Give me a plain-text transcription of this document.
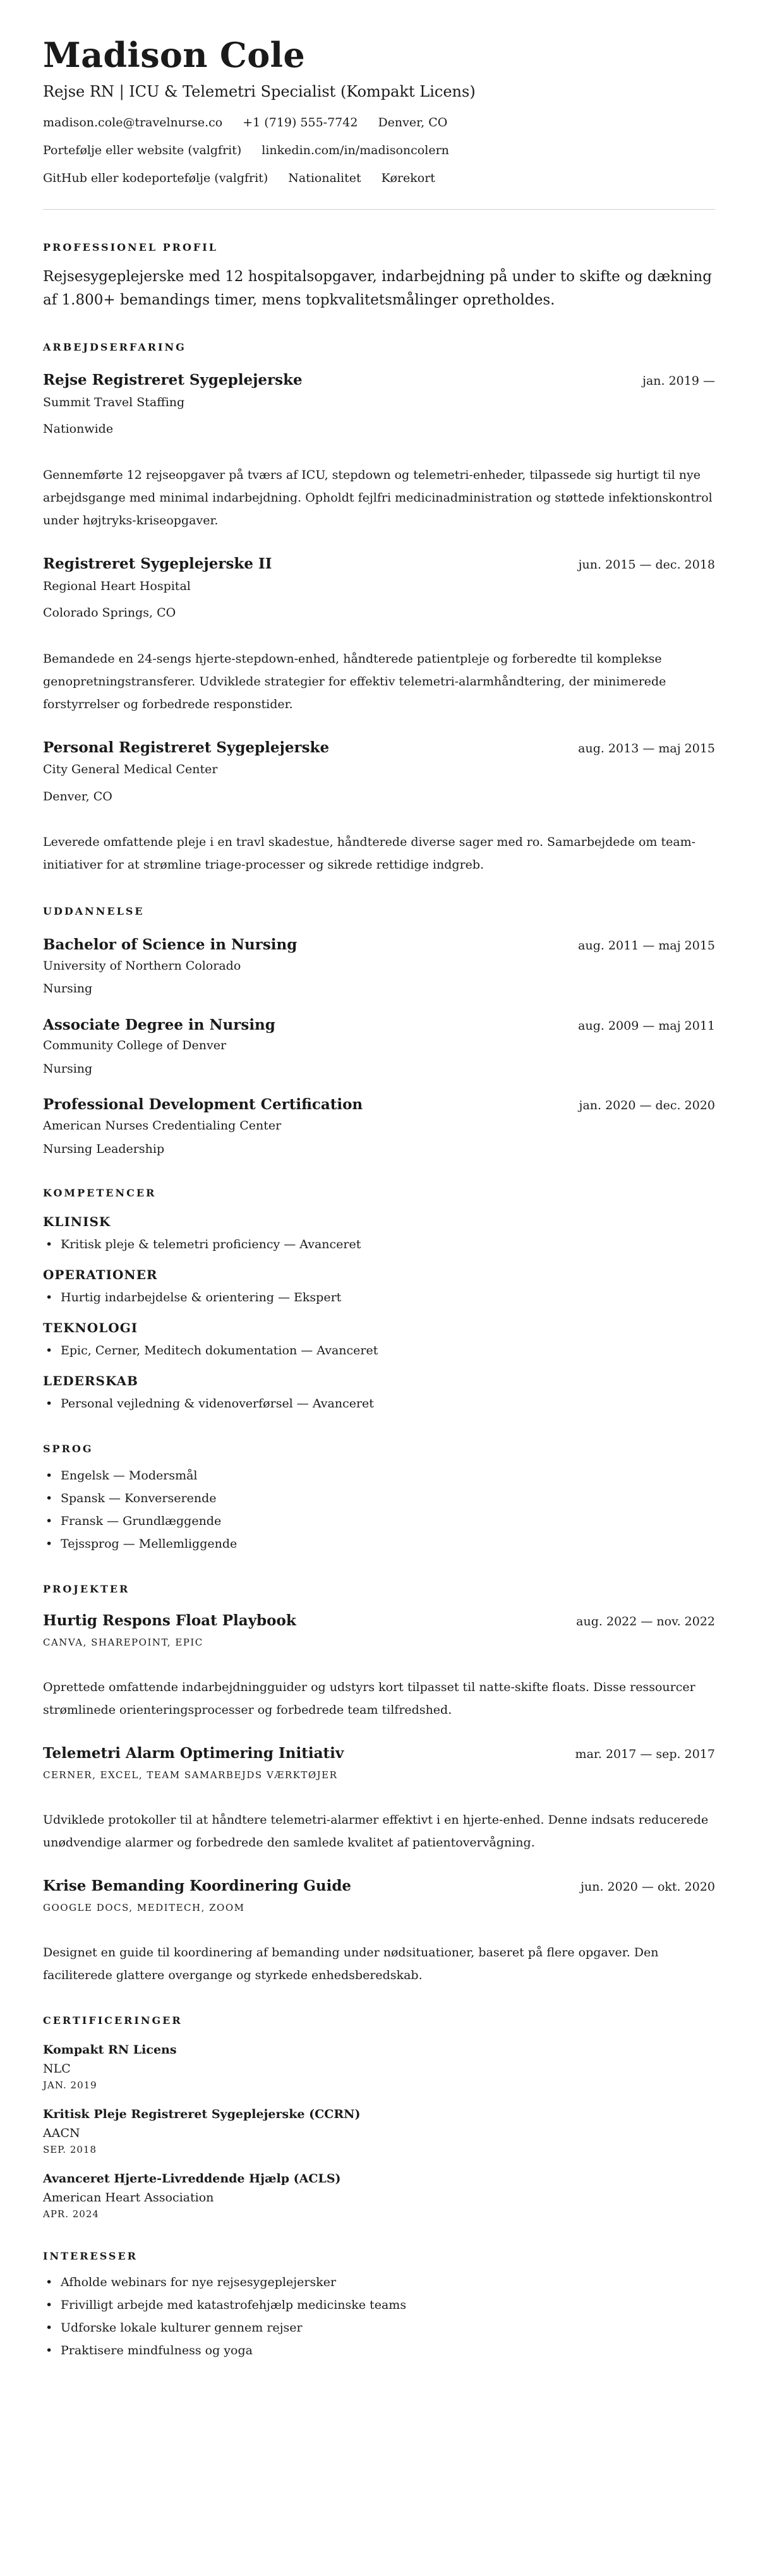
Madison Cole
Rejse RN | ICU & Telemetri Specialist (Kompakt Licens)
madison.cole@travelnurse.co +1 (719) 555-7742 Denver, CO
Portefølje eller website (valgfrit) linkedin.com/in/madisoncolern
GitHub eller kodeportefølje (valgfrit) Nationalitet Kørekort
PROFESSIONEL PROFIL
Rejsesygeplejerske med 12 hospitalsopgaver, indarbejdning på under to skifte og dækning af 1.800+ bemandings timer, mens topkvalitetsmålinger opretholdes.
ARBEJDSERFARING
Rejse Registreret Sygeplejerske	jan. 2019 —
Summit Travel Staffing
Nationwide
Gennemførte 12 rejseopgaver på tværs af ICU, stepdown og telemetri-enheder, tilpassede sig hurtigt til nye arbejdsgange med minimal indarbejdning. Opholdt fejlfri medicinadministration og støttede infektionskontrol under højtryks-kriseopgaver.
Registreret Sygeplejerske II	jun. 2015 — dec. 2018
Regional Heart Hospital
Colorado Springs, CO
Bemandede en 24-sengs hjerte-stepdown-enhed, håndterede patientpleje og forberedte til komplekse genopretningstransferer. Udviklede strategier for effektiv telemetri-alarmhåndtering, der minimerede forstyrrelser og forbedrede responstider.
Personal Registreret Sygeplejerske	aug. 2013 — maj 2015
City General Medical Center
Denver, CO
Leverede omfattende pleje i en travl skadestue, håndterede diverse sager med ro. Samarbejdede om team-initiativer for at strømline triage-processer og sikrede rettidige indgreb.
UDDANNELSE
Bachelor of Science in Nursing	aug. 2011 — maj 2015
University of Northern Colorado
Nursing
Associate Degree in Nursing	aug. 2009 — maj 2011
Community College of Denver
Nursing
Professional Development Certification	jan. 2020 — dec. 2020
American Nurses Credentialing Center
Nursing Leadership
KOMPETENCER
KLINISK
• Kritisk pleje & telemetri proficiency — Avanceret
OPERATIONER
• Hurtig indarbejdelse & orientering — Ekspert
TEKNOLOGI
• Epic, Cerner, Meditech dokumentation — Avanceret
LEDERSKAB
• Personal vejledning & videnoverførsel — Avanceret
SPROG
• Engelsk — Modersmål
• Spansk — Konverserende
• Fransk — Grundlæggende
• Tejssprog — Mellemliggende
PROJEKTER
Hurtig Respons Float Playbook	aug. 2022 — nov. 2022
CANVA, SHAREPOINT, EPIC
Oprettede omfattende indarbejdningguider og udstyrs kort tilpasset til natte-skifte floats. Disse ressourcer strømlinede orienteringsprocesser og forbedrede team tilfredshed.
Telemetri Alarm Optimering Initiativ	mar. 2017 — sep. 2017
CERNER, EXCEL, TEAM SAMARBEJDS VÆRKTØJER
Udviklede protokoller til at håndtere telemetri-alarmer effektivt i en hjerte-enhed. Denne indsats reducerede unødvendige alarmer og forbedrede den samlede kvalitet af patientovervågning.
Krise Bemanding Koordinering Guide	jun. 2020 — okt. 2020
GOOGLE DOCS, MEDITECH, ZOOM
Designet en guide til koordinering af bemanding under nødsituationer, baseret på flere opgaver. Den faciliterede glattere overgange og styrkede enhedsberedskab.
CERTIFICERINGER
Kompakt RN Licens
NLC
JAN. 2019
Kritisk Pleje Registreret Sygeplejerske (CCRN)
AACN
SEP. 2018
Avanceret Hjerte-Livreddende Hjælp (ACLS)
American Heart Association
APR. 2024
INTERESSER
• Afholde webinars for nye rejsesygeplejersker
• Frivilligt arbejde med katastrofehjælp medicinske teams
• Udforske lokale kulturer gennem rejser
• Praktisere mindfulness og yoga
